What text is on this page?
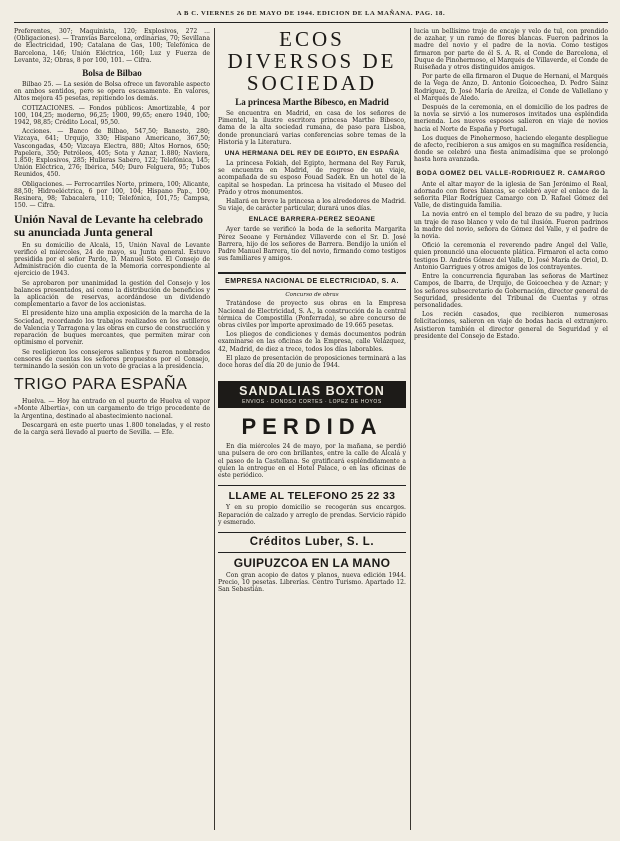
A B C. VIERNES 26 DE MAYO DE 1944. EDICION DE LA MAÑANA. PAG. 18.

Preferentes, 307; Maquinista, 120; Explosivos, 272 ... (Obligaciones). — Tranvías Barcelona, ordinarias, 70; Sevillana de Electricidad, 190; Catalana de Gas, 100; Telefónica de Barcelona, 146; Unión Eléctrica, 160; Luz y Fuerza de Levante, 32; Obras, 8 por 100, 101. — Cifra.

Bolsa de Bilbao

Bilbao 25. — La sesión de Bolsa ofrece un favorable aspecto en ambos sentidos, pero se opera escasamente. En valores, Altos mejora 45 pesetas, repitiendo los demás.

COTIZACIONES. — Fondos públicos: Amortizable, 4 por 100, 104,25; moderno, 96,25; 1900, 99,65; enero 1940, 100; 1942, 98,85; Crédito Local, 95,50.

Acciones. — Banco de Bilbao, 547,50; Banesto, 280; Vizcaya, 641; Urquijo, 330; Hispano Americano, 367,50; Vascongadas, 450; Vizcaya Electra, 880; Altos Hornos, 650; Papelera, 350; Petróleos, 405; Sota y Aznar, 1.880; Naviera, 1.850; Explosivos, 285; Hulleras Sabero, 122; Telefónica, 145; Unión Eléctrica, 276; Ibérica, 540; Duro Felguera, 95; Tubos Reunidos, 450.

Obligaciones. — Ferrocarriles Norte, primera, 100; Alicante, 88,50; Hidroeléctrica, 6 por 100, 104; Hispano Pap., 100; Resinera, 98; Tabacalera, 110; Telefónica, 101,75; Campsa, 150. — Cifra.

Unión Naval de Levante ha celebrado su anunciada Junta general

En su domicilio de Alcalá, 15, Unión Naval de Levante verificó el miércoles, 24 de mayo, su Junta general. Estuvo presidida por el señor Pardo, D. Manuel Soto. El Consejo de Administración dio cuenta de la Memoria correspondiente al ejercicio de 1943.

Se aprobaron por unanimidad la gestión del Consejo y los balances presentados, así como la distribución de beneficios y la aplicación de reservas, acordándose un dividendo complementario a favor de los accionistas.

El presidente hizo una amplia exposición de la marcha de la Sociedad, recordando los trabajos realizados en los astilleros de Valencia y Tarragona y las obras en curso de construcción y reparación de buques mercantes, que permiten mirar con optimismo el porvenir.

Se reeligieron los consejeros salientes y fueron nombrados censores de cuentas los señores propuestos por el Consejo, terminando la sesión con un voto de gracias a la presidencia.

TRIGO PARA ESPAÑA

Huelva. — Hoy ha entrado en el puerto de Huelva el vapor «Monte Albertia», con un cargamento de trigo procedente de la Argentina, destinado al abastecimiento nacional.

Descargará en este puerto unas 1.800 toneladas, y el resto de la carga será llevado al puerto de Sevilla. — Efe.

ECOS DIVERSOS DE SOCIEDAD
La princesa Marthe Bibesco, en Madrid

Se encuentra en Madrid, en casa de los señores de Pimentel, la ilustre escritora princesa Marthe Bibesco, dama de la alta sociedad rumana, de paso para Lisboa, donde pronunciará varias conferencias sobre temas de la Historia y la Literatura.

UNA HERMANA DEL REY DE EGIPTO, EN ESPAÑA

La princesa Fokiah, del Egipto, hermana del Rey Faruk, se encuentra en Madrid, de regreso de un viaje, acompañada de su esposo Fouad Sadek. En un hotel de la capital se hospedan. La princesa ha visitado el Museo del Prado y otros monumentos.

Hallará en breve la princesa a los alrededores de Madrid. Su viaje, de carácter particular, durará unos días.

ENLACE BARRERA-PEREZ SEOANE

Ayer tarde se verificó la boda de la señorita Margarita Pérez Seoane y Fernández Villaverde con el Sr. D. José Barrera, hijo de los señores de Barrera. Bendijo la unión el Padre Manuel Barrera, tío del novio, firmando como testigos sus familiares y amigos.

EMPRESA NACIONAL DE ELECTRICIDAD, S. A.
Concurso de obras

Tratándose de proyecto sus obras en la Empresa Nacional de Electricidad, S. A., la construcción de la central térmica de Compostilla (Ponferrada), se abre concurso de obras civiles por importe aproximado de 19.665 pesetas.

Los pliegos de condiciones y demás documentos podrán examinarse en las oficinas de la Empresa, calle Velázquez, 42, Madrid, de diez a trece, todos los días laborables.

El plazo de presentación de proposiciones terminará a las doce horas del día 20 de junio de 1944.

SANDALIAS BOXTON
ENVIOS · DONOSO CORTES · LOPEZ DE HOYOS
PERDIDA

En día miércoles 24 de mayo, por la mañana, se perdió una pulsera de oro con brillantes, entre la calle de Alcalá y el paseo de la Castellana. Se gratificará espléndidamente a quien la entregue en el Hotel Palace, o en las oficinas de este periódico.

LLAME AL TELEFONO 25 22 33

Y en su propio domicilio se recogerán sus encargos. Reparación de calzado y arreglo de prendas. Servicio rápido y esmerado.

Créditos Luber, S. L.
GUIPUZCOA EN LA MANO

Con gran acopio de datos y planos, nueva edición 1944. Precio, 10 pesetas. Librerías. Centro Turismo. Apartado 12. San Sebastián.

lucía un bellísimo traje de encaje y velo de tul, con prendido de azahar, y un ramo de flores blancas. Fueron padrinos la madre del novio y el padre de la novia. Como testigos firmaron por parte de él S. A. R. el Conde de Barcelona, el Duque de Pinohermoso, el Marqués de Villaverde, el Conde de Ruiseñada y otros distinguidos amigos.

Por parte de ella firmaron el Duque de Hernani, el Marqués de la Vega de Anzo, D. Antonio Goicoechea, D. Pedro Sainz Rodríguez, D. José María de Areilza, el Conde de Vallellano y el Marqués de Aledo.

Después de la ceremonia, en el domicilio de los padres de la novia se sirvió a los numerosos invitados una espléndida merienda. Los nuevos esposos salieron en viaje de novios hacia el Norte de España y Portugal.

Los duques de Pinohermoso, haciendo elegante despliegue de afecto, recibieron a sus amigos en su magnífica residencia, donde se celebró una fiesta animadísima que se prolongó hasta hora avanzada.

BODA GOMEZ DEL VALLE-RODRIGUEZ R. CAMARGO

Ante el altar mayor de la iglesia de San Jerónimo el Real, adornado con flores blancas, se celebró ayer el enlace de la señorita Pilar Rodríguez Camargo con D. Rafael Gómez del Valle, de distinguida familia.

La novia entró en el templo del brazo de su padre, y lucía un traje de raso blanco y velo de tul ilusión. Fueron padrinos la madre del novio, señora de Gómez del Valle, y el padre de la novia.

Ofició la ceremonia el reverendo padre Ángel del Valle, quien pronunció una elocuente plática. Firmaron el acta como testigos D. Andrés Gómez del Valle, D. José María de Oriol, D. Antonio Garrigues y otros amigos de los contrayentes.

Entre la concurrencia figuraban las señoras de Martínez Campos, de Ibarra, de Urquijo, de Goicoechea y de Aznar; y los señores subsecretario de Gobernación, director general de Seguridad, presidente del Tribunal de Cuentas y otras personalidades.

Los recién casados, que recibieron numerosas felicitaciones, salieron en viaje de bodas hacia el extranjero. Asistieron también el director general de Seguridad y el presidente del Consejo de Estado.
